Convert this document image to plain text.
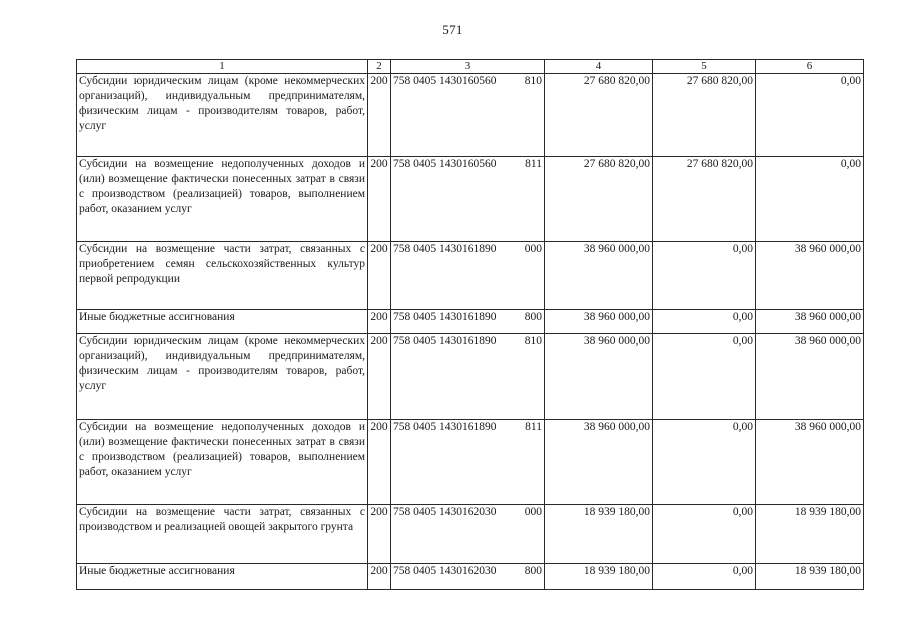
571
1	2	3	4	5	6
Субсидии юридическим лицам (кроме некоммерческих организаций), индивидуальным предпринимателям, физическим лицам - производителям товаров, работ, услуг	200	758 0405 1430160560 810	27 680 820,00	27 680 820,00	0,00
Субсидии на возмещение недополученных доходов и (или) возмещение фактически понесенных затрат в связи с производством (реализацией) товаров, выполнением работ, оказанием услуг	200	758 0405 1430160560 811	27 680 820,00	27 680 820,00	0,00
Субсидии на возмещение части затрат, связанных с приобретением семян сельскохозяйственных культур первой репродукции	200	758 0405 1430161890 000	38 960 000,00	0,00	38 960 000,00
Иные бюджетные ассигнования	200	758 0405 1430161890 800	38 960 000,00	0,00	38 960 000,00
Субсидии юридическим лицам (кроме некоммерческих организаций), индивидуальным предпринимателям, физическим лицам - производителям товаров, работ, услуг	200	758 0405 1430161890 810	38 960 000,00	0,00	38 960 000,00
Субсидии на возмещение недополученных доходов и (или) возмещение фактически понесенных затрат в связи с производством (реализацией) товаров, выполнением работ, оказанием услуг	200	758 0405 1430161890 811	38 960 000,00	0,00	38 960 000,00
Субсидии на возмещение части затрат, связанных с производством и реализацией овощей закрытого грунта	200	758 0405 1430162030 000	18 939 180,00	0,00	18 939 180,00
Иные бюджетные ассигнования	200	758 0405 1430162030 800	18 939 180,00	0,00	18 939 180,00
